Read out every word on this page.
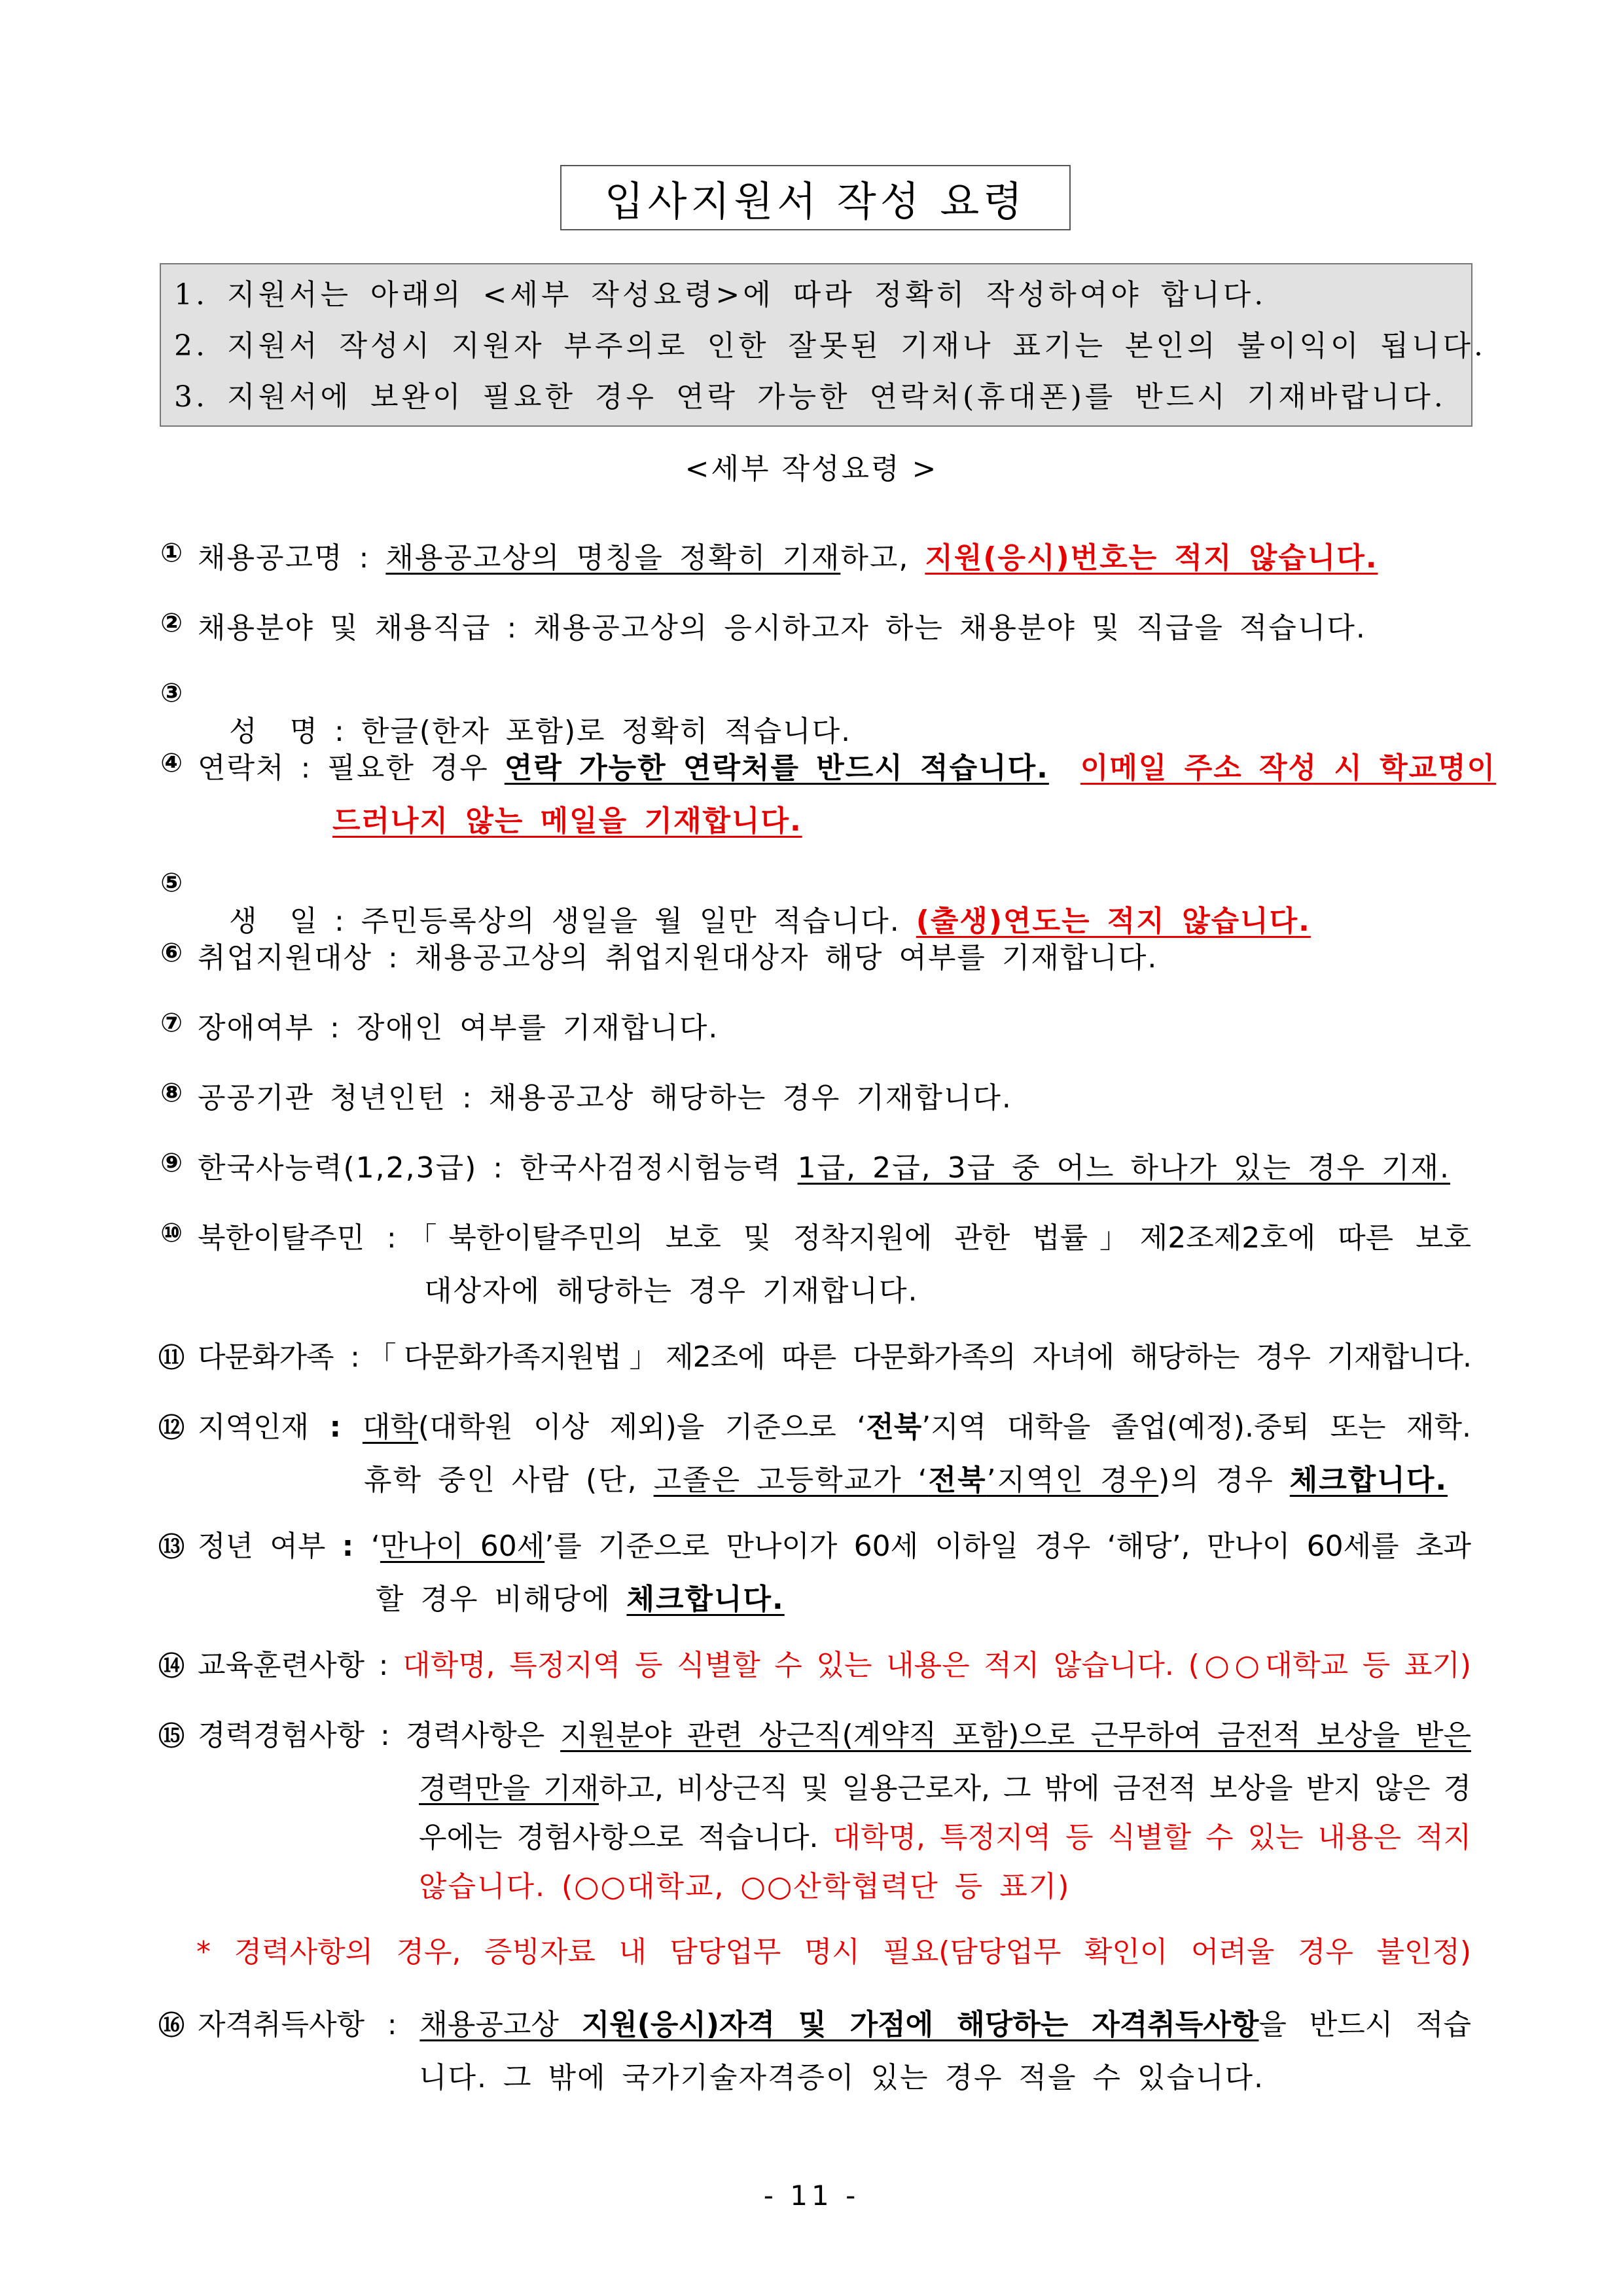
입사지원서 작성 요령
1. 지원서는 아래의 <세부 작성요령>에 따라 정확히 작성하여야 합니다.
2. 지원서 작성시 지원자 부주의로 인한 잘못된 기재나 표기는 본인의 불이익이 됩니다.
3. 지원서에 보완이 필요한 경우 연락 가능한 연락처(휴대폰)를 반드시 기재바랍니다.
<세부 작성요령 >
① 채용공고명 : 채용공고상의 명칭을 정확히 기재하고, 지원(응시)번호는 적지 않습니다.
② 채용분야 및 채용직급 : 채용공고상의 응시하고자 하는 채용분야 및 직급을 적습니다.
③

성  명 : 한글(한자 포함)로 정확히 적습니다.

④ 연락처 : 필요한 경우 연락 가능한 연락처를 반드시 적습니다. 이메일 주소 작성 시 학교명이
드러나지 않는 메일을 기재합니다.
⑤

생  일 : 주민등록상의 생일을 월 일만 적습니다. (출생)연도는 적지 않습니다.

⑥ 취업지원대상 : 채용공고상의 취업지원대상자 해당 여부를 기재합니다.
⑦ 장애여부 : 장애인 여부를 기재합니다.
⑧ 공공기관 청년인턴 : 채용공고상 해당하는 경우 기재합니다.
⑨ 한국사능력(1,2,3급) : 한국사검정시험능력 1급, 2급, 3급 중 어느 하나가 있는 경우 기재.
⑩ 북한이탈주민 :「북한이탈주민의 보호 및 정착지원에 관한 법률」제2조제2호에 따른 보호
대상자에 해당하는 경우 기재합니다.
⑪ 다문화가족 :「다문화가족지원법」제2조에 따른 다문화가족의 자녀에 해당하는 경우 기재합니다.
⑫ 지역인재 : 대학(대학원 이상 제외)을 기준으로 ‘전북’지역 대학을 졸업(예정).중퇴 또는 재학.
휴학 중인 사람 (단, 고졸은 고등학교가 ‘전북’지역인 경우)의 경우 체크합니다.
⑬ 정년 여부 : ‘만나이 60세’를 기준으로 만나이가 60세 이하일 경우 ‘해당’, 만나이 60세를 초과
할 경우 비해당에 체크합니다.
⑭ 교육훈련사항 : 대학명, 특정지역 등 식별할 수 있는 내용은 적지 않습니다. (○○대학교 등 표기)
⑮ 경력경험사항 : 경력사항은 지원분야 관련 상근직(계약직 포함)으로 근무하여 금전적 보상을 받은
경력만을 기재하고, 비상근직 및 일용근로자, 그 밖에 금전적 보상을 받지 않은 경
우에는 경험사항으로 적습니다. 대학명, 특정지역 등 식별할 수 있는 내용은 적지
않습니다. (○○대학교, ○○산학협력단 등 표기)
* 경력사항의 경우, 증빙자료 내 담당업무 명시 필요(담당업무 확인이 어려울 경우 불인정)
⑯ 자격취득사항 : 채용공고상 지원(응시)자격 및 가점에 해당하는 자격취득사항을 반드시 적습
니다. 그 밖에 국가기술자격증이 있는 경우 적을 수 있습니다.
- 11 -
